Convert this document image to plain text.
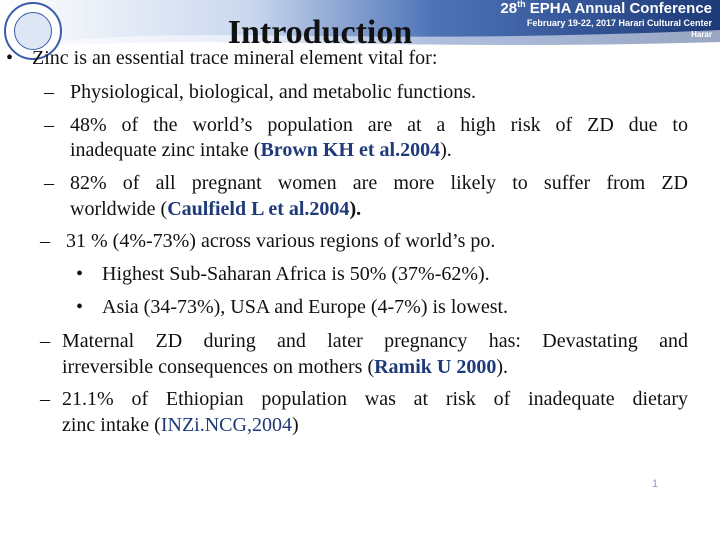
28th EPHA Annual Conference
February 19-22, 2017 Harari Cultural Center
Harar
Introduction
• Zinc is an essential trace mineral element vital for:
– Physiological, biological, and metabolic functions.
– 48% of the world’s population are at a high risk of ZD due to
inadequate zinc intake (Brown KH et al.2004).
– 82% of all pregnant women are more likely to suffer from ZD
worldwide (Caulfield L et al.2004).
– 31 % (4%-73%) across various regions of world’s po.
• Highest Sub-Saharan Africa is 50% (37%-62%).
• Asia (34-73%), USA and Europe (4-7%) is lowest.
– Maternal ZD during and later pregnancy has: Devastating and
irreversible consequences on mothers (Ramik U 2000).
– 21.1% of Ethiopian population was at risk of inadequate dietary
zinc intake (INZi.NCG,2004)
1
